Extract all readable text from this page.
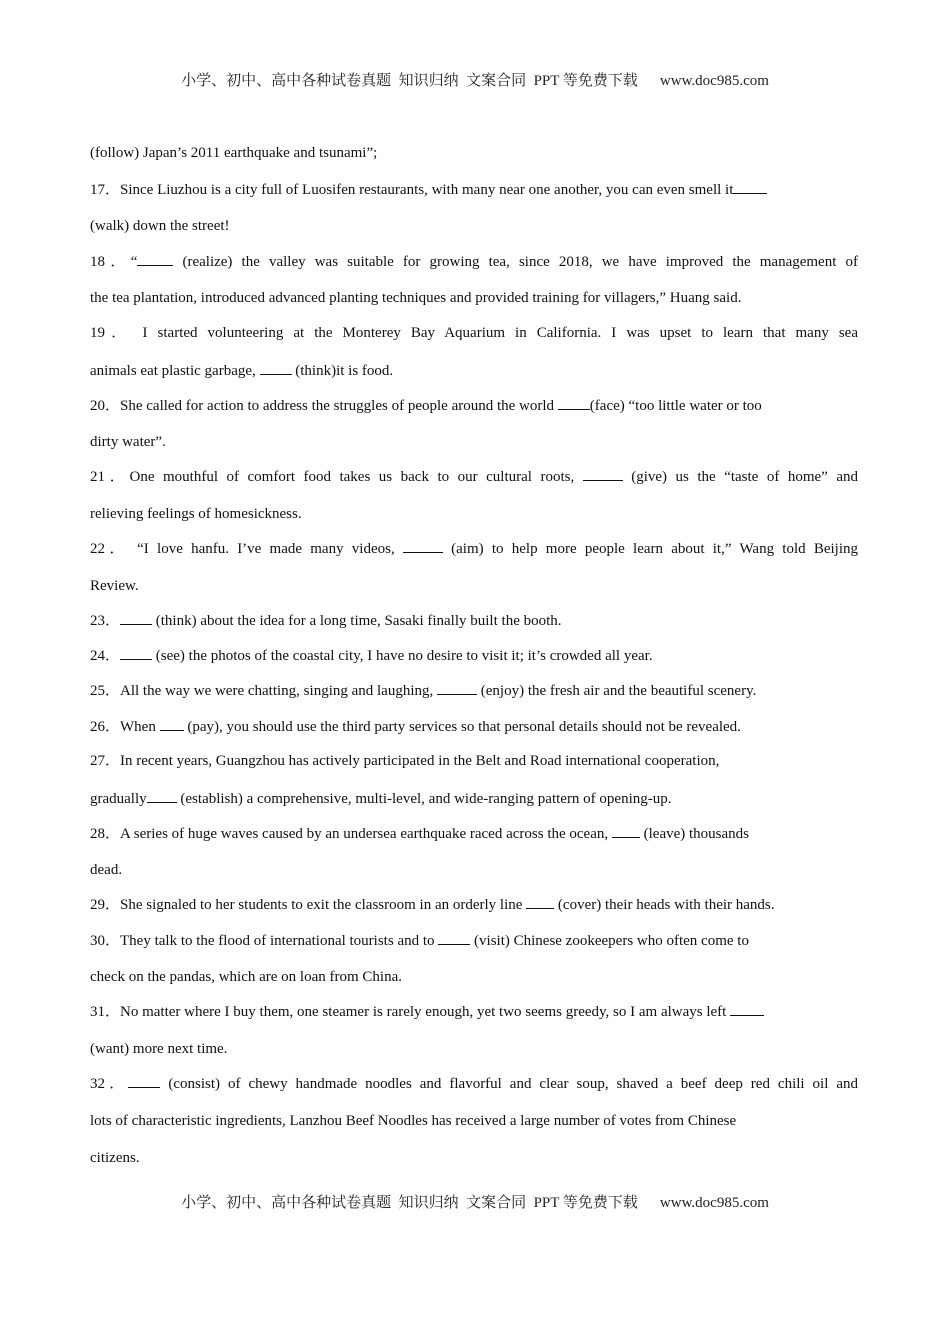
小学、初中、高中各种试卷真题  知识归纳  文案合同  PPT 等免费下载 www.doc985.com
(follow) Japan’s 2011 earthquake and tsunami”;
17．Since Liuzhou is a city full of Luosifen restaurants, with many near one another, you can even smell it
(walk) down the street!
18．“ (realize) the valley was suitable for growing tea, since 2018, we have improved the management of
the tea plantation, introduced advanced planting techniques and provided training for villagers,” Huang said.
19． I started volunteering at the Monterey Bay Aquarium in California. I was upset to learn that many sea
animals eat plastic garbage,  (think)it is food.
20．She called for action to address the struggles of people around the world (face) “too little water or too
dirty water”.
21．One mouthful of comfort food takes us back to our cultural roots,	(give) us the “taste of home” and
relieving feelings of homesickness.
22． “I love hanfu. I’ve made many videos,	(aim) to help more people learn about it,” Wang told Beijing
Review.
23． (think) about the idea for a long time, Sasaki finally built the booth.
24． (see) the photos of the coastal city, I have no desire to visit it; it’s crowded all year.
25．All the way we were chatting, singing and laughing,	(enjoy) the fresh air and the beautiful scenery.
26．When  (pay), you should use the third party services so that personal details should not be revealed.
27．In recent years, Guangzhou has actively participated in the Belt and Road international cooperation,
gradually (establish) a comprehensive, multi-level, and wide-ranging pattern of opening-up.
28．A series of huge waves caused by an undersea earthquake raced across the ocean,  (leave) thousands
dead.
29．She signaled to her students to exit the classroom in an orderly line  (cover) their heads with their hands.
30．They talk to the flood of international tourists and to  (visit) Chinese zookeepers who often come to
check on the pandas, which are on loan from China.
31．No matter where I buy them, one steamer is rarely enough, yet two seems greedy, so I am always left
(want) more next time.
32． (consist) of chewy handmade noodles and flavorful and clear soup, shaved a beef deep red chili oil and
lots of characteristic ingredients, Lanzhou Beef Noodles has received a large number of votes from Chinese
citizens.
小学、初中、高中各种试卷真题  知识归纳  文案合同  PPT 等免费下载 www.doc985.com
